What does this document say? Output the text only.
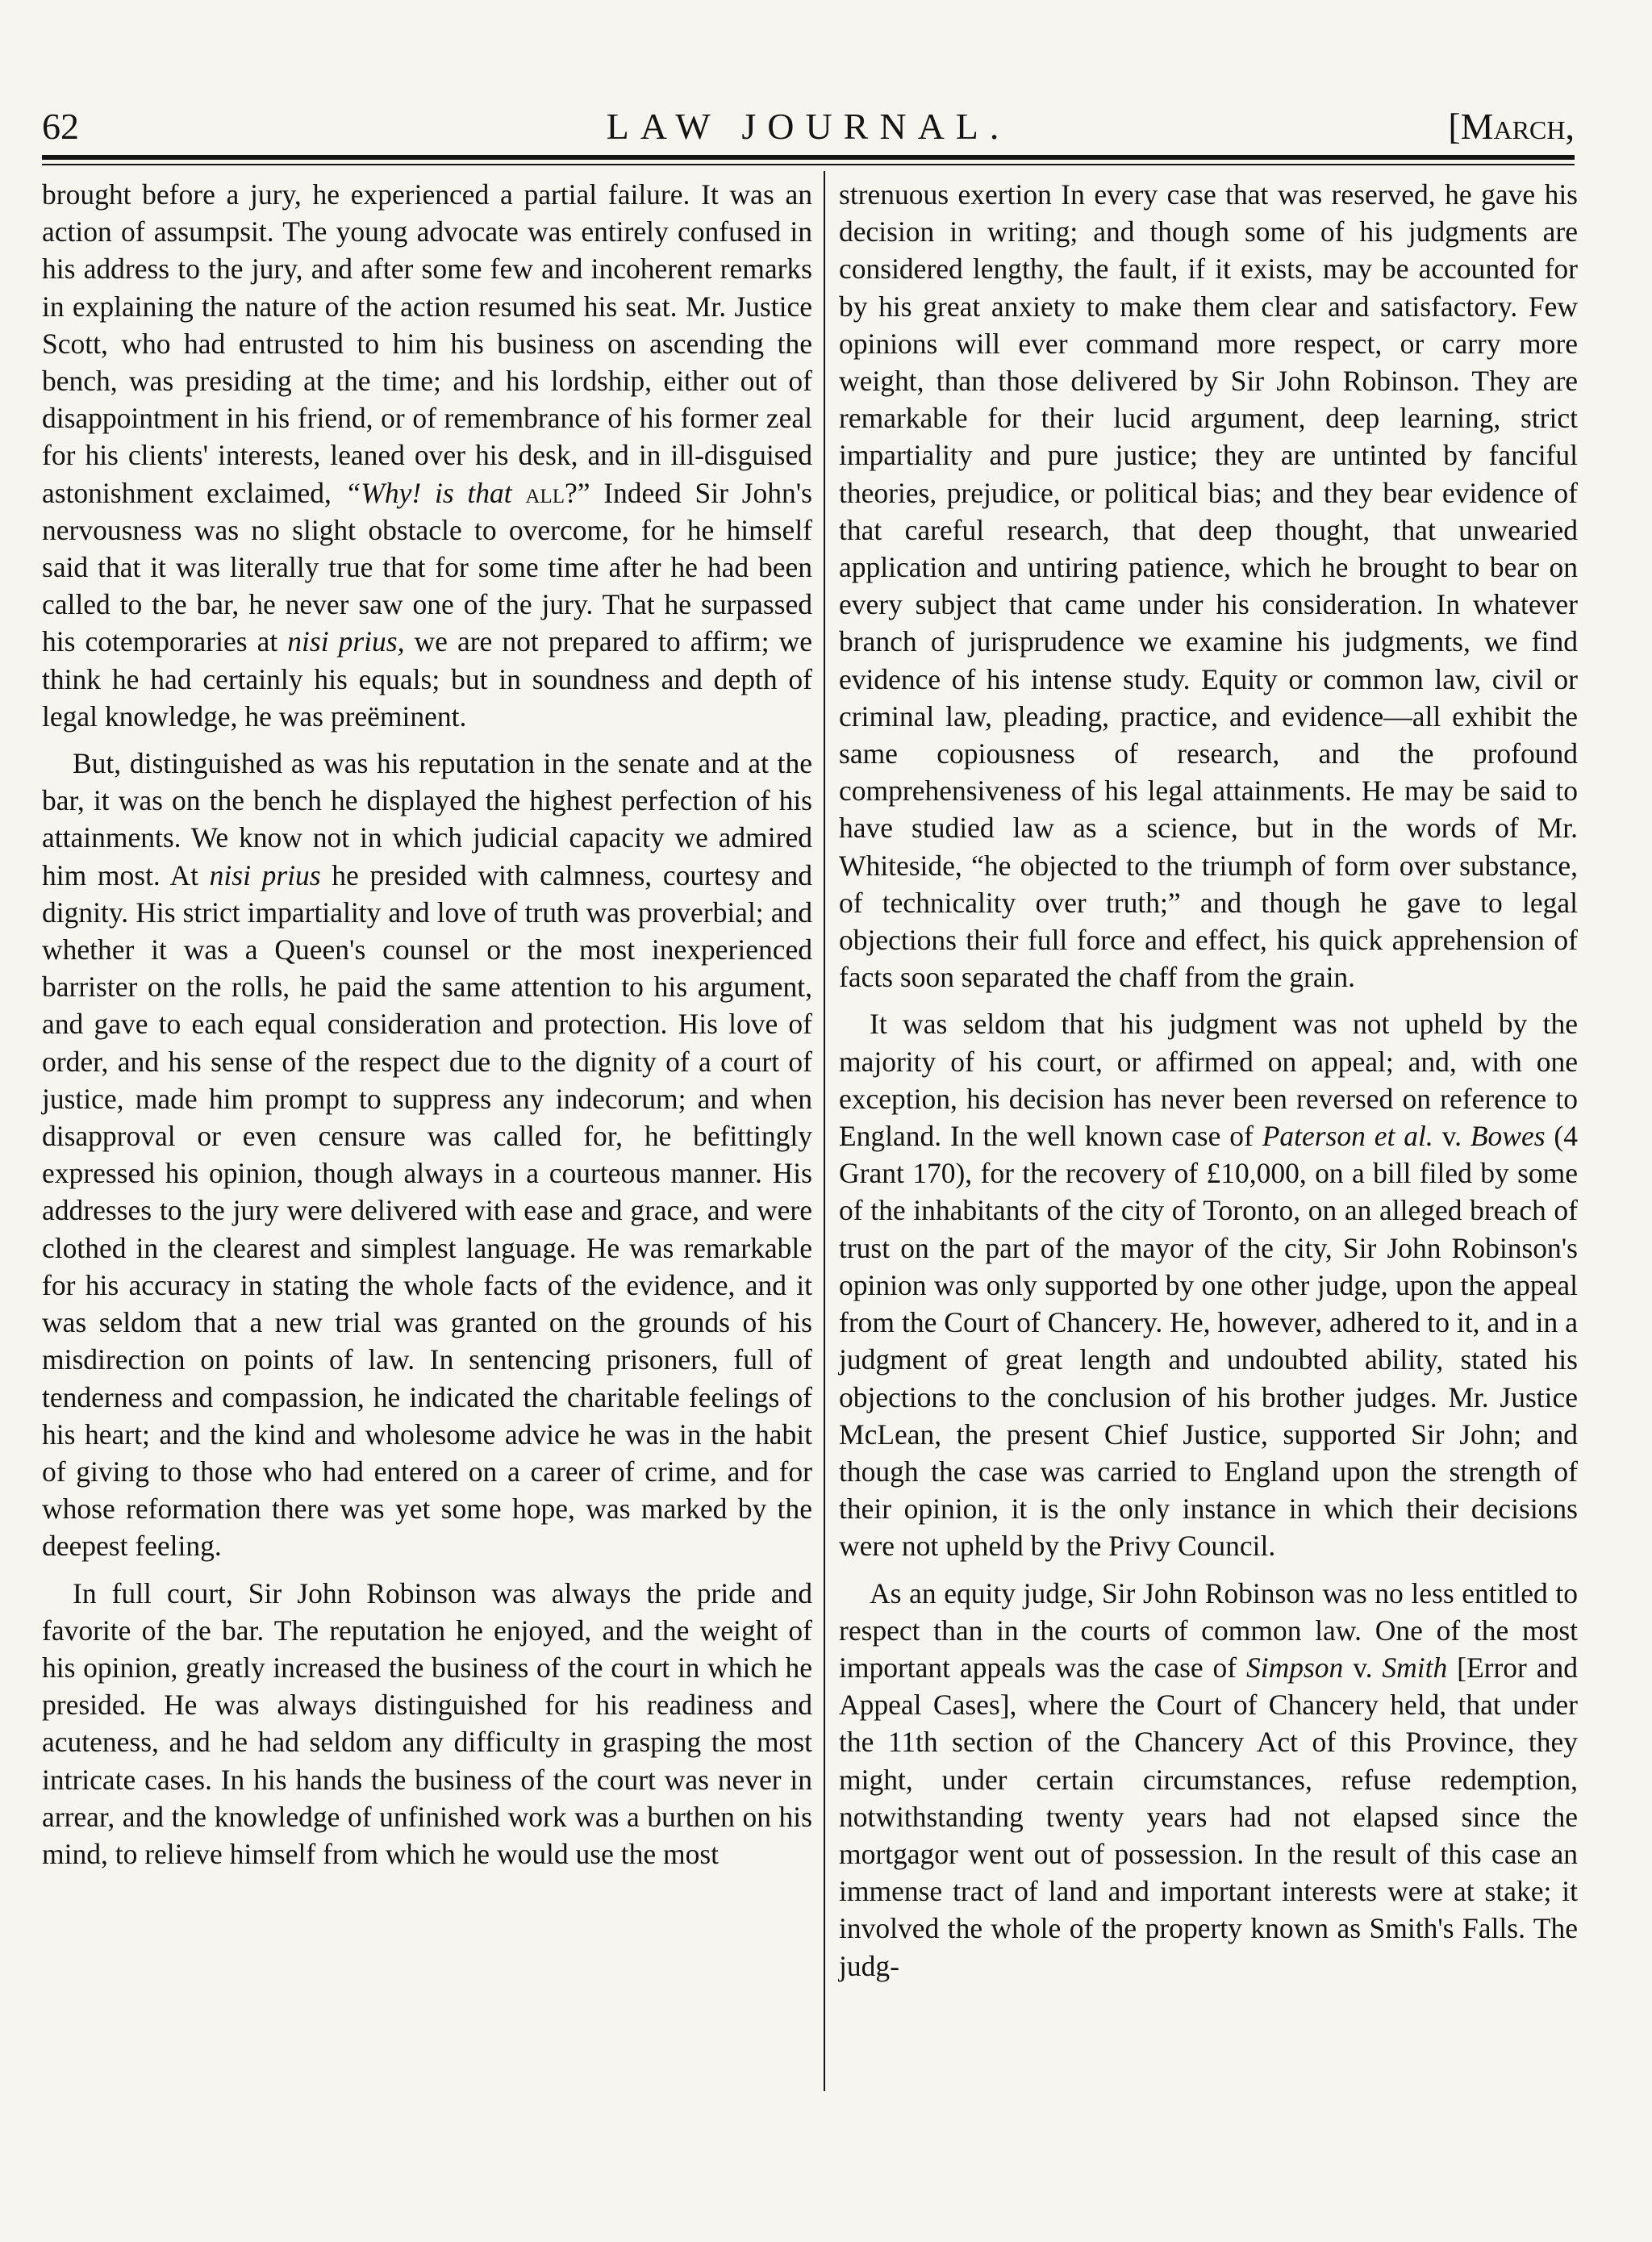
62	LAW JOURNAL.	[March,

brought before a jury, he experienced a partial failure. It was an action of assumpsit. The young advocate was entirely confused in his address to the jury, and after some few and incoherent remarks in explaining the nature of the action resumed his seat. Mr. Justice Scott, who had entrusted to him his business on ascending the bench, was presiding at the time; and his lordship, either out of disappointment in his friend, or of remembrance of his former zeal for his clients' interests, leaned over his desk, and in ill-disguised astonishment exclaimed, “Why! is that all?” Indeed Sir John's nervousness was no slight obstacle to overcome, for he himself said that it was literally true that for some time after he had been called to the bar, he never saw one of the jury. That he surpassed his cotemporaries at nisi prius, we are not prepared to affirm; we think he had certainly his equals; but in soundness and depth of legal knowledge, he was preëminent.

But, distinguished as was his reputation in the senate and at the bar, it was on the bench he displayed the highest perfection of his attainments. We know not in which judicial capacity we admired him most. At nisi prius he presided with calmness, courtesy and dignity. His strict impartiality and love of truth was proverbial; and whether it was a Queen's counsel or the most inexperienced barrister on the rolls, he paid the same attention to his argument, and gave to each equal consideration and protection. His love of order, and his sense of the respect due to the dignity of a court of justice, made him prompt to suppress any indecorum; and when disapproval or even censure was called for, he befittingly expressed his opinion, though always in a courteous manner. His addresses to the jury were delivered with ease and grace, and were clothed in the clearest and simplest language. He was remarkable for his accuracy in stating the whole facts of the evidence, and it was seldom that a new trial was granted on the grounds of his misdirection on points of law. In sentencing prisoners, full of tenderness and compassion, he indicated the charitable feelings of his heart; and the kind and wholesome advice he was in the habit of giving to those who had entered on a career of crime, and for whose reformation there was yet some hope, was marked by the deepest feeling.

In full court, Sir John Robinson was always the pride and favorite of the bar. The reputation he enjoyed, and the weight of his opinion, greatly increased the business of the court in which he presided. He was always distinguished for his readiness and acuteness, and he had seldom any difficulty in grasping the most intricate cases. In his hands the business of the court was never in arrear, and the knowledge of unfinished work was a burthen on his mind, to relieve himself from which he would use the most

strenuous exertion In every case that was reserved, he gave his decision in writing; and though some of his judgments are considered lengthy, the fault, if it exists, may be accounted for by his great anxiety to make them clear and satisfactory. Few opinions will ever command more respect, or carry more weight, than those delivered by Sir John Robinson. They are remarkable for their lucid argument, deep learning, strict impartiality and pure justice; they are untinted by fanciful theories, prejudice, or political bias; and they bear evidence of that careful research, that deep thought, that unwearied application and untiring patience, which he brought to bear on every subject that came under his consideration. In whatever branch of jurisprudence we examine his judgments, we find evidence of his intense study. Equity or common law, civil or criminal law, pleading, practice, and evidence—all exhibit the same copiousness of research, and the profound comprehensiveness of his legal attainments. He may be said to have studied law as a science, but in the words of Mr. Whiteside, “he objected to the triumph of form over substance, of technicality over truth;” and though he gave to legal objections their full force and effect, his quick apprehension of facts soon separated the chaff from the grain.

It was seldom that his judgment was not upheld by the majority of his court, or affirmed on appeal; and, with one exception, his decision has never been reversed on reference to England. In the well known case of Paterson et al. v. Bowes (4 Grant 170), for the recovery of £10,000, on a bill filed by some of the inhabitants of the city of Toronto, on an alleged breach of trust on the part of the mayor of the city, Sir John Robinson's opinion was only supported by one other judge, upon the appeal from the Court of Chancery. He, however, adhered to it, and in a judgment of great length and undoubted ability, stated his objections to the conclusion of his brother judges. Mr. Justice McLean, the present Chief Justice, supported Sir John; and though the case was carried to England upon the strength of their opinion, it is the only instance in which their decisions were not upheld by the Privy Council.

As an equity judge, Sir John Robinson was no less entitled to respect than in the courts of common law. One of the most important appeals was the case of Simpson v. Smith [Error and Appeal Cases], where the Court of Chancery held, that under the 11th section of the Chancery Act of this Province, they might, under certain circumstances, refuse redemption, notwithstanding twenty years had not elapsed since the mortgagor went out of possession. In the result of this case an immense tract of land and important interests were at stake; it involved the whole of the property known as Smith's Falls. The judg-
